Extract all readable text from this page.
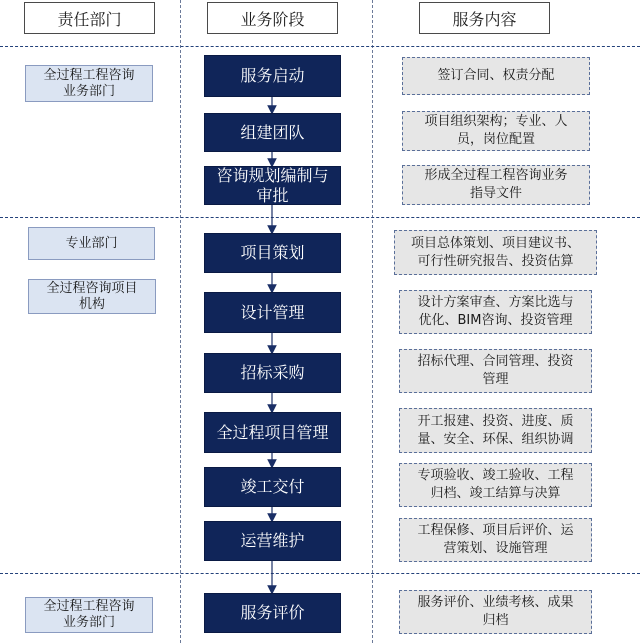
责任部门	业务阶段	服务内容
全过程工程咨询
业务部门
专业部门
全过程咨询项目
机构
全过程工程咨询
业务部门
服务启动
组建团队
咨询规划编制与
审批
项目策划
设计管理
招标采购
全过程项目管理
竣工交付
运营维护
服务评价
签订合同、权责分配
项目组织架构；专业、人
员，岗位配置
形成全过程工程咨询业务
指导文件
项目总体策划、项目建议书、
可行性研究报告、投资估算
设计方案审查、方案比选与
优化、BIM咨询、投资管理
招标代理、合同管理、投资
管理
开工报建、投资、进度、质
量、安全、环保、组织协调
专项验收、竣工验收、工程
归档、竣工结算与决算
工程保修、项目后评价、运
营策划、设施管理
服务评价、业绩考核、成果
归档
